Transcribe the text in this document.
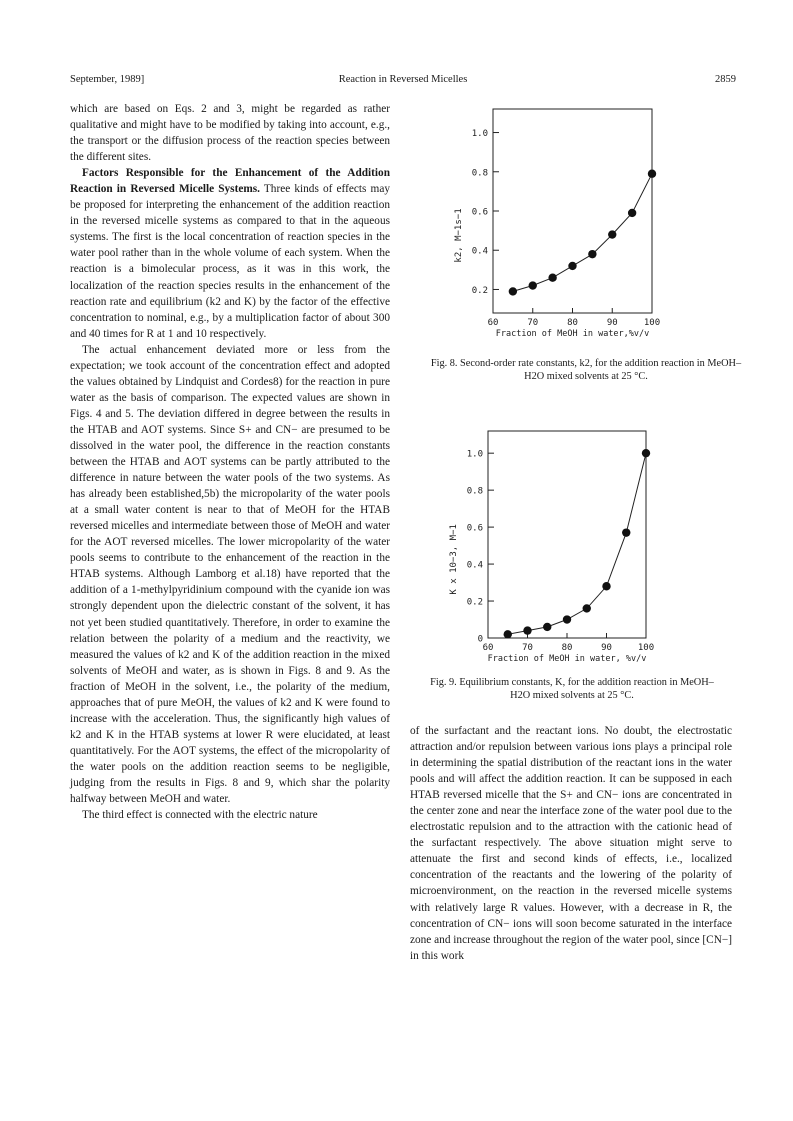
September, 1989]	Reaction in Reversed Micelles	2859

which are based on Eqs. 2 and 3, might be regarded as rather qualitative and might have to be modified by taking into account, e.g., the transport or the diffusion process of the reaction species between the different sites.

Factors Responsible for the Enhancement of the Addition Reaction in Reversed Micelle Systems. Three kinds of effects may be proposed for interpreting the enhancement of the addition reaction in the reversed micelle systems as compared to that in the aqueous systems. The first is the local concentration of reaction species in the water pool rather than in the whole volume of each system. When the reaction is a bimolecular process, as it was in this work, the localization of the reaction species results in the enhancement of the reaction rate and equilibrium (k2 and K) by the factor of the effective concentration to nominal, e.g., by a multiplication factor of about 300 and 40 times for R at 1 and 10 respectively.

The actual enhancement deviated more or less from the expectation; we took account of the concentration effect and adopted the values obtained by Lindquist and Cordes8) for the reaction in pure water as the basis of comparison. The expected values are shown in Figs. 4 and 5. The deviation differed in degree between the results in the HTAB and AOT systems. Since S+ and CN− are presumed to be dissolved in the water pool, the difference in the reaction constants between the HTAB and AOT systems can be partly attributed to the difference in nature between the water pools of the two systems. As has already been established,5b) the micropolarity of the water pools at a small water content is near to that of MeOH for the HTAB reversed micelles and intermediate between those of MeOH and water for the AOT reversed micelles. The lower micropolarity of the water pools seems to contribute to the enhancement of the reaction in the HTAB systems. Although Lamborg et al.18) have reported that the addition of a 1-methylpyridinium compound with the cyanide ion was strongly dependent upon the dielectric constant of the solvent, it has not yet been studied quantitatively. Therefore, in order to examine the relation between the polarity of a medium and the reactivity, we measured the values of k2 and K of the addition reaction in the mixed solvents of MeOH and water, as is shown in Figs. 8 and 9. As the fraction of MeOH in the solvent, i.e., the polarity of the medium, approaches that of pure MeOH, the values of k2 and K were found to increase with the acceleration. Thus, the significantly high values of k2 and K in the HTAB systems at lower R were elucidated, at least quantitatively. For the AOT systems, the effect of the micropolarity of the water pools on the addition reaction seems to be negligible, judging from the results in Figs. 8 and 9, which shar the polarity halfway between MeOH and water.

The third effect is connected with the electric nature

0.2
0.4
0.6
0.8
1.0
60	70	80	90	100
Fraction of MeOH in water,%v/v
k2, M−1s−1
Fig. 8. Second-order rate constants, k2, for the addition reaction in MeOH–H2O mixed solvents at 25 °C.
0
0.2
0.4
0.6
0.8
1.0
60	70	80	90	100
Fraction of MeOH in water, %v/v
K x 10−3, M−1
Fig. 9. Equilibrium constants, K, for the addition reaction in MeOH–H2O mixed solvents at 25 °C.

of the surfactant and the reactant ions. No doubt, the electrostatic attraction and/or repulsion between various ions plays a principal role in determining the spatial distribution of the reactant ions in the water pools and will affect the addition reaction. It can be supposed in each HTAB reversed micelle that the S+ and CN− ions are concentrated in the center zone and near the interface zone of the water pool due to the electrostatic repulsion and to the attraction with the cationic head of the surfactant respectively. The above situation might serve to attenuate the first and second kinds of effects, i.e., localized concentration of the reactants and the lowering of the polarity of microenvironment, on the reaction in the reversed micelle systems with relatively large R values. However, with a decrease in R, the concentration of CN− ions will soon become saturated in the interface zone and increase throughout the region of the water pool, since [CN−] in this work
